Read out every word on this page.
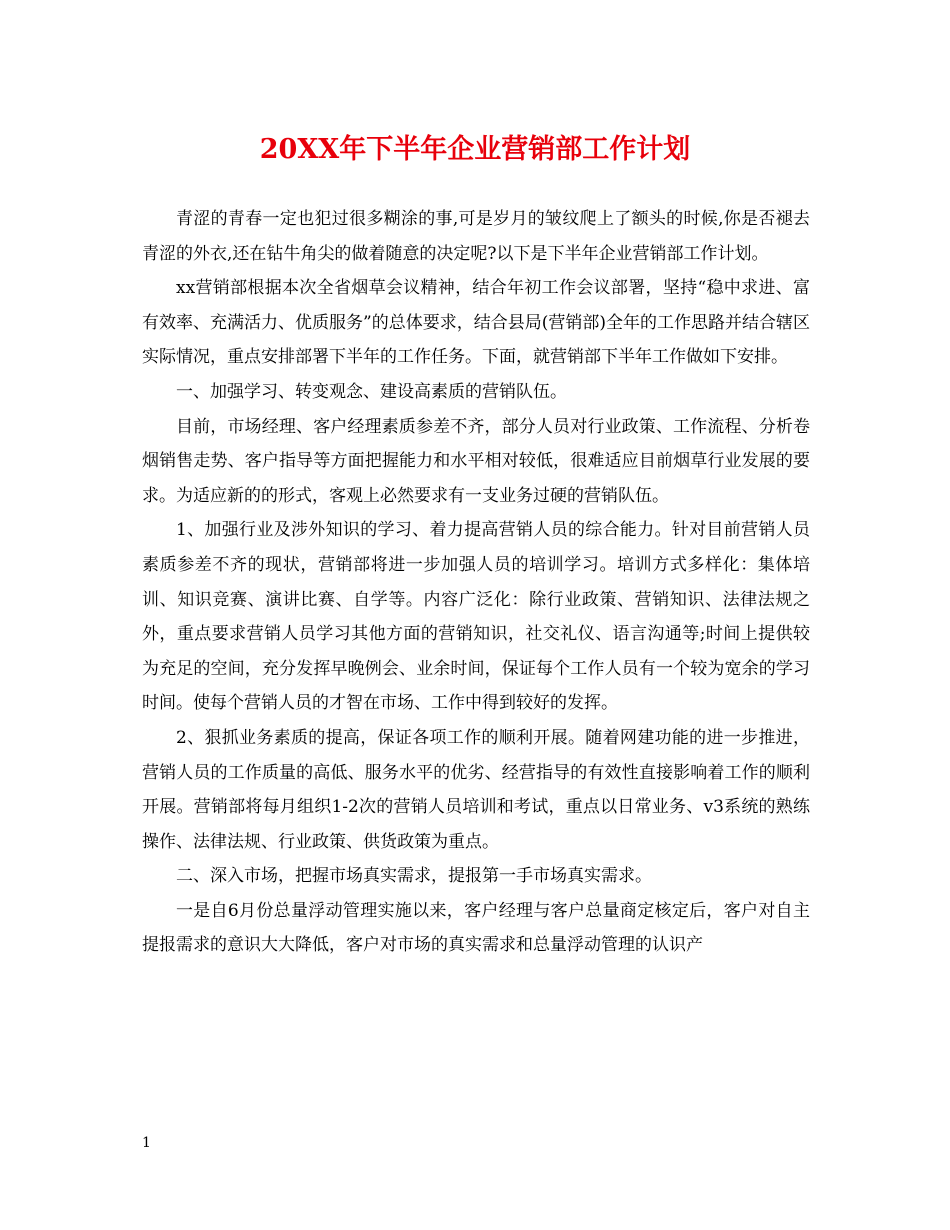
20XX年下半年企业营销部工作计划

青涩的青春一定也犯过很多糊涂的事,可是岁月的皱纹爬上了额头的时候,你是否褪去青涩的外衣,还在钻牛角尖的做着随意的决定呢?以下是下半年企业营销部工作计划。

xx营销部根据本次全省烟草会议精神，结合年初工作会议部署，坚持“稳中求进、富有效率、充满活力、优质服务”的总体要求，结合县局(营销部)全年的工作思路并结合辖区实际情况，重点安排部署下半年的工作任务。下面，就营销部下半年工作做如下安排。

一、加强学习、转变观念、建设高素质的营销队伍。

目前，市场经理、客户经理素质参差不齐，部分人员对行业政策、工作流程、分析卷烟销售走势、客户指导等方面把握能力和水平相对较低，很难适应目前烟草行业发展的要求。为适应新的的形式，客观上必然要求有一支业务过硬的营销队伍。

1、加强行业及涉外知识的学习、着力提高营销人员的综合能力。针对目前营销人员素质参差不齐的现状，营销部将进一步加强人员的培训学习。培训方式多样化：集体培训、知识竞赛、演讲比赛、自学等。内容广泛化：除行业政策、营销知识、法律法规之外，重点要求营销人员学习其他方面的营销知识，社交礼仪、语言沟通等;时间上提供较为充足的空间，充分发挥早晚例会、业余时间，保证每个工作人员有一个较为宽余的学习时间。使每个营销人员的才智在市场、工作中得到较好的发挥。

2、狠抓业务素质的提高，保证各项工作的顺利开展。随着网建功能的进一步推进，营销人员的工作质量的高低、服务水平的优劣、经营指导的有效性直接影响着工作的顺利开展。营销部将每月组织1-2次的营销人员培训和考试，重点以日常业务、v3系统的熟练操作、法律法规、行业政策、供货政策为重点。

二、深入市场，把握市场真实需求，提报第一手市场真实需求。

一是自6月份总量浮动管理实施以来，客户经理与客户总量商定核定后，客户对自主提报需求的意识大大降低，客户对市场的真实需求和总量浮动管理的认识产

1
